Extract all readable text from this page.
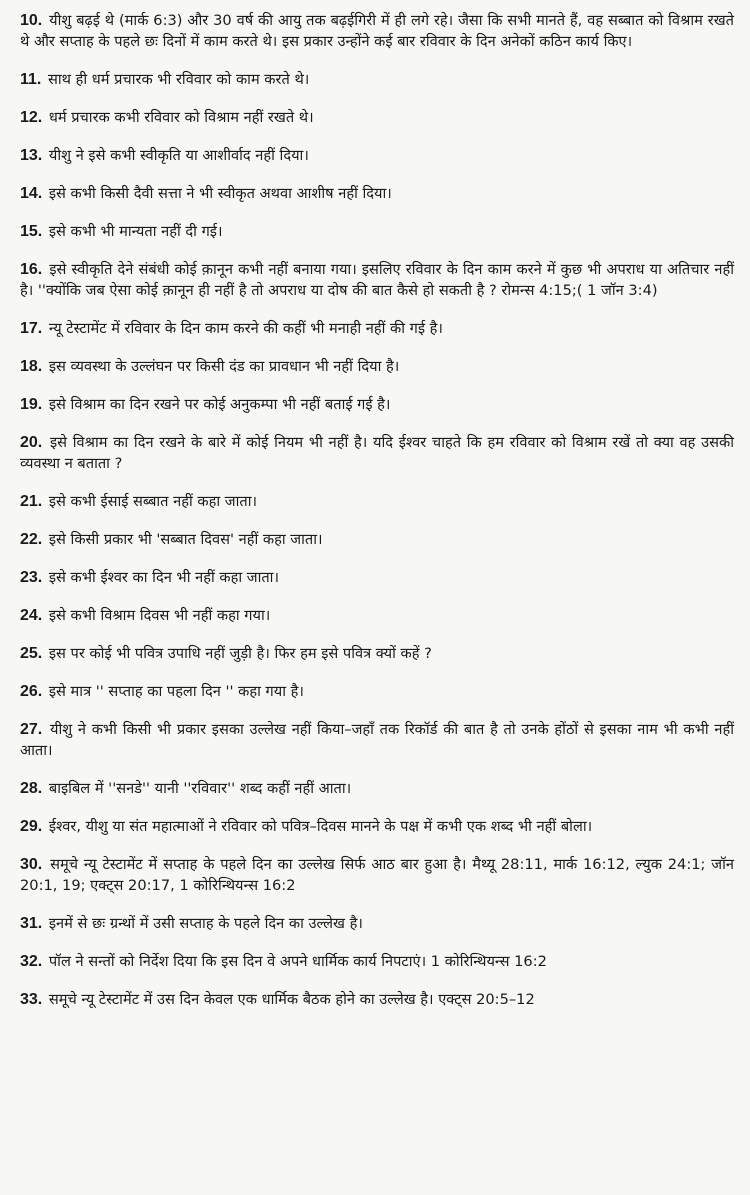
10. यीशु बढ़ई थे (मार्क 6:3) और 30 वर्ष की आयु तक बढ़ईगिरी में ही लगे रहे। जैसा कि सभी मानते हैं, वह सब्बात को विश्राम रखते थे और सप्ताह के पहले छः दिनों में काम करते थे। इस प्रकार उन्होंने कई बार रविवार के दिन अनेकों कठिन कार्य किए।

11. साथ ही धर्म प्रचारक भी रविवार को काम करते थे।

12. धर्म प्रचारक कभी रविवार को विश्राम नहीं रखते थे।

13. यीशु ने इसे कभी स्वीकृति या आशीर्वाद नहीं दिया।

14. इसे कभी किसी दैवी सत्ता ने भी स्वीकृत अथवा आशीष नहीं दिया।

15. इसे कभी भी मान्यता नहीं दी गई।

16. इसे स्वीकृति देने संबंधी कोई क़ानून कभी नहीं बनाया गया। इसलिए रविवार के दिन काम करने में कुछ भी अपराध या अतिचार नहीं है। ''क्योंकि जब ऐसा कोई क़ानून ही नहीं है तो अपराध या दोष की बात कैसे हो सकती है ? रोमन्स 4:15;( 1 जॉन 3:4)

17. न्यू टेस्टामेंट में रविवार के दिन काम करने की कहीं भी मनाही नहीं की गई है।

18. इस व्यवस्था के उल्लंघन पर किसी दंड का प्रावधान भी नहीं दिया है।

19. इसे विश्राम का दिन रखने पर कोई अनुकम्पा भी नहीं बताई गई है।

20. इसे विश्राम का दिन रखने के बारे में कोई नियम भी नहीं है। यदि ईश्वर चाहते कि हम रविवार को विश्राम रखें तो क्या वह उसकी व्यवस्था न बताता ?

21. इसे कभी ईसाई सब्बात नहीं कहा जाता।

22. इसे किसी प्रकार भी 'सब्बात दिवस' नहीं कहा जाता।

23. इसे कभी ईश्वर का दिन भी नहीं कहा जाता।

24. इसे कभी विश्राम दिवस भी नहीं कहा गया।

25. इस पर कोई भी पवित्र उपाधि नहीं जुड़ी है। फिर हम इसे पवित्र क्यों कहें ?

26. इसे मात्र '' सप्ताह का पहला दिन '' कहा गया है।

27. यीशु ने कभी किसी भी प्रकार इसका उल्लेख नहीं किया–जहाँ तक रिकॉर्ड की बात है तो उनके होंठों से इसका नाम भी कभी नहीं आता।

28. बाइबिल में ''सनडे'' यानी ''रविवार'' शब्द कहीं नहीं आता।

29. ईश्वर, यीशु या संत महात्माओं ने रविवार को पवित्र–दिवस मानने के पक्ष में कभी एक शब्द भी नहीं बोला।

30. समूचे न्यू टेस्टामेंट में सप्ताह के पहले दिन का उल्लेख सिर्फ आठ बार हुआ है। मैथ्यू 28:11, मार्क 16:12, ल्युक 24:1; जॉन 20:1, 19; एक्ट्स 20:17, 1 कोरिन्थियन्स 16:2

31. इनमें से छः ग्रन्थों में उसी सप्ताह के पहले दिन का उल्लेख है।

32. पॉल ने सन्तों को निर्देश दिया कि इस दिन वे अपने धार्मिक कार्य निपटाएं। 1 कोरिन्थियन्स 16:2

33. समूचे न्यू टेस्टामेंट में उस दिन केवल एक धार्मिक बैठक होने का उल्लेख है। एक्ट्स 20:5–12
